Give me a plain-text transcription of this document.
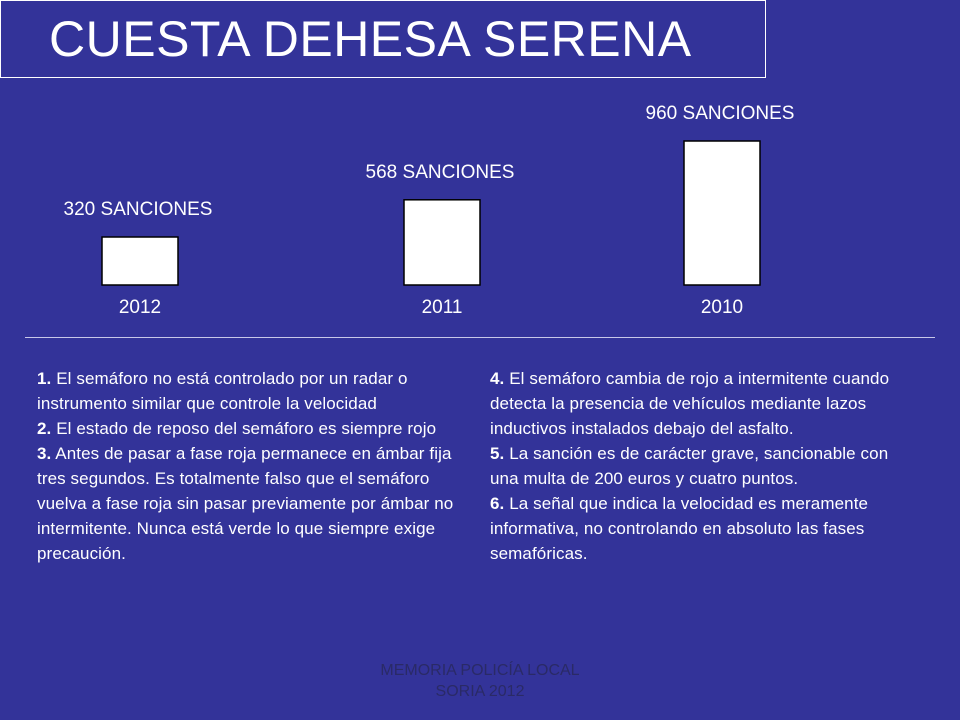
CUESTA DEHESA SERENA
320 SANCIONES
2012
568 SANCIONES
2011
960 SANCIONES
2010
1. El semáforo no está controlado por un radar o instrumento similar que controle la velocidad
2. El estado de reposo del semáforo es siempre rojo
3. Antes de pasar a fase roja permanece en ámbar fija tres segundos. Es totalmente falso que el semáforo vuelva a fase roja sin pasar previamente por ámbar no intermitente. Nunca está verde lo que siempre exige precaución.
4. El semáforo cambia de rojo a intermitente cuando detecta la presencia de vehículos mediante lazos inductivos instalados debajo del asfalto.
5. La sanción es de carácter grave, sancionable con una multa de 200 euros y cuatro puntos.
6. La señal que indica la velocidad es meramente informativa, no controlando en absoluto las fases semafóricas.
MEMORIA POLICÍA LOCAL
SORIA 2012
